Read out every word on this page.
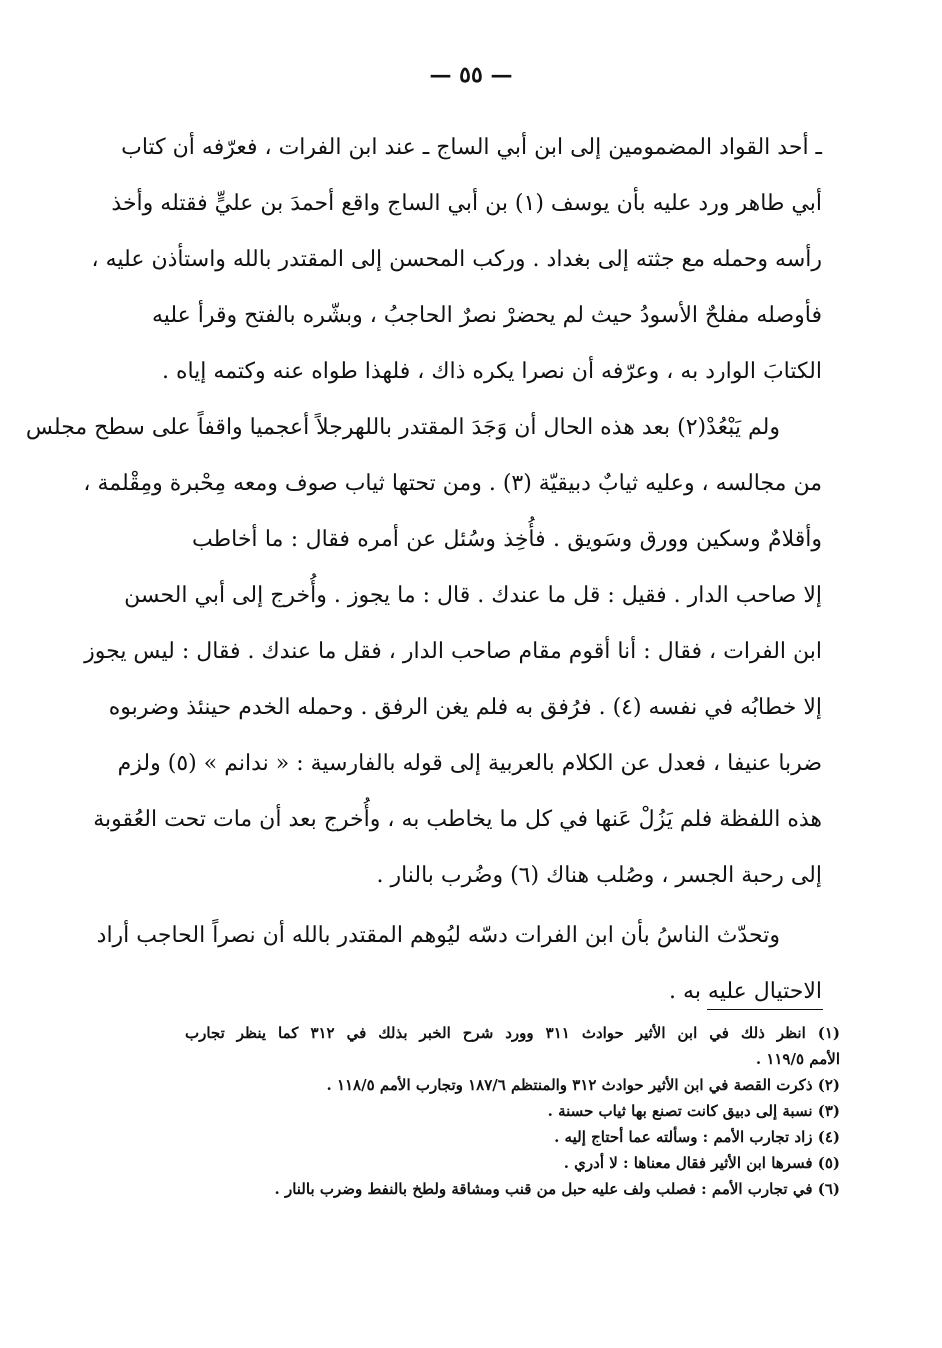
— ٥٥ —
ـ أحد القواد المضمومين إلى ابن أبي الساج ـ عند ابن الفرات ، فعرّفه أن كتاب
أبي طاهر ورد عليه بأن يوسف (١) بن أبي الساج واقع أحمدَ بن عليٍّ فقتله وأخذ
رأسه وحمله مع جثته إلى بغداد . وركب المحسن إلى المقتدر بالله واستأذن عليه ،
فأوصله مفلحٌ الأسودُ حيث لم يحضرْ نصرٌ الحاجبُ ، وبشّره بالفتح وقرأ عليه
الكتابَ الوارد به ، وعرّفه أن نصرا يكره ذاك ، فلهذا طواه عنه وكتمه إياه .
ولم يَبْعُدْ(٢) بعد هذه الحال أن وَجَدَ المقتدر باللهرجلاً أعجميا واقفاً على سطح مجلس
من مجالسه ، وعليه ثيابٌ دبيقيّة (٣) . ومن تحتها ثياب صوف ومعه مِحْبرة ومِقْلمة ،
وأقلامٌ وسكين وورق وسَويق . فأُخِذ وسُئل عن أمره فقال : ما أخاطب
إلا صاحب الدار . فقيل : قل ما عندك . قال : ما يجوز . وأُخرج إلى أبي الحسن
ابن الفرات ، فقال : أنا أقوم مقام صاحب الدار ، فقل ما عندك . فقال : ليس يجوز
إلا خطابُه في نفسه (٤) . فرُفق به فلم يغن الرفق . وحمله الخدم حينئذ وضربوه
ضربا عنيفا ، فعدل عن الكلام بالعربية إلى قوله بالفارسية : « ندانم » (٥) ولزم
هذه اللفظة فلم يَزُلْ عَنها في كل ما يخاطب به ، وأُخرج بعد أن مات تحت العُقوبة
إلى رحبة الجسر ، وصُلب هناك (٦) وضُرب بالنار .
وتحدّث الناسُ بأن ابن الفرات دسّه ليُوهم المقتدر بالله أن نصراً الحاجب أراد
الاحتيال عليه به .
(١) انظر ذلك في ابن الأثير حوادث ٣١١ وورد شرح الخبر بذلك في ٣١٢ كما ينظر تجارب
الأمم ١١٩/٥ .
(٢) ذكرت القصة في ابن الأثير حوادث ٣١٢ والمنتظم ١٨٧/٦ وتجارب الأمم ١١٨/٥ .
(٣) نسبة إلى دبيق كانت تصنع بها ثياب حسنة .
(٤) زاد تجارب الأمم : وسألته عما أحتاج إليه .
(٥) فسرها ابن الأثير فقال معناها : لا أدري .
(٦) في تجارب الأمم : فصلب ولف عليه حبل من قنب ومشاقة ولطخ بالنفط وضرب بالنار .
